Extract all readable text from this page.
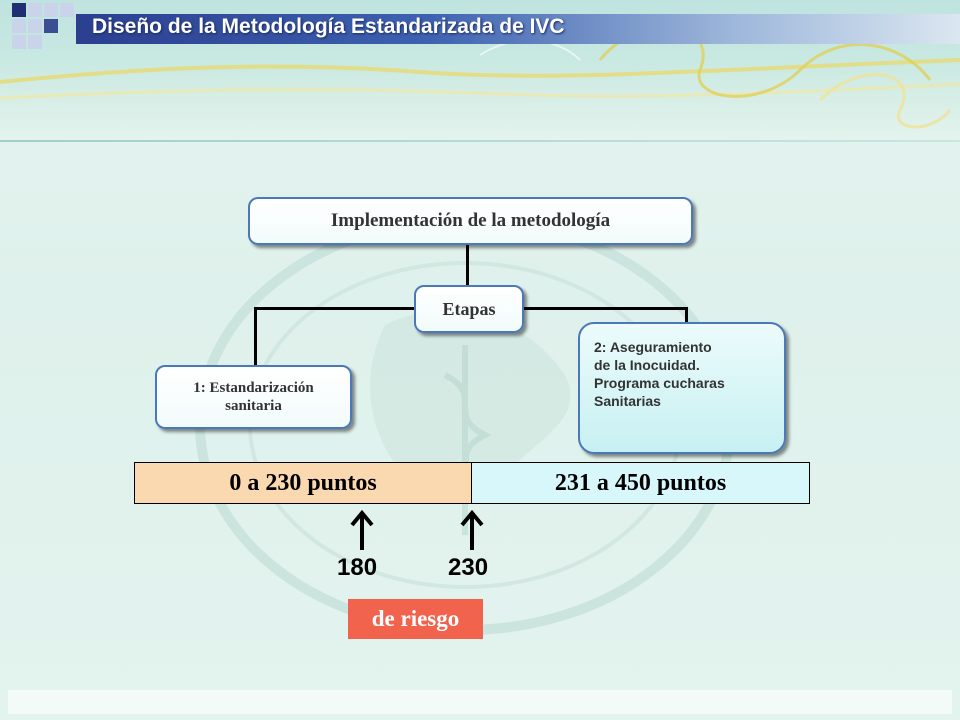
Diseño de la Metodología Estandarizada de IVC
Implementación de la metodología
Etapas
1: Estandarización
sanitaria
2: Aseguramiento
de la Inocuidad.
Programa cucharas
Sanitarias
0 a 230 puntos	231 a 450 puntos
180	230
de riesgo
